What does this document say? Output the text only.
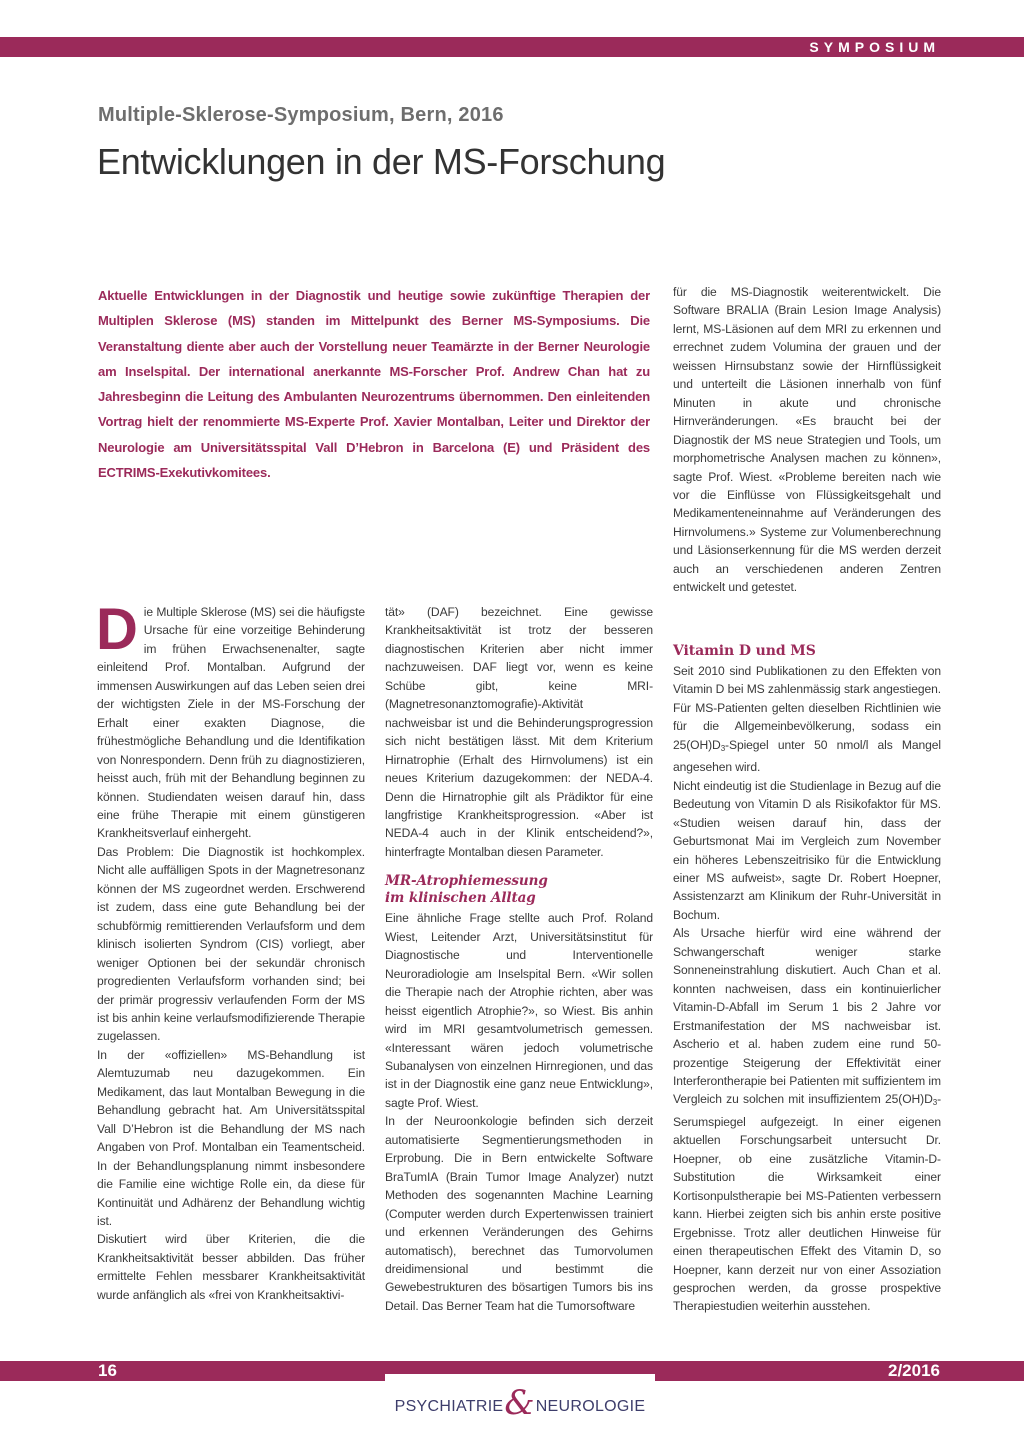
SYMPOSIUM
Multiple-Sklerose-Symposium, Bern, 2016
Entwicklungen in der MS-Forschung

Aktuelle Entwicklungen in der Diagnostik und heutige sowie zukünftige Therapien der Multiplen Sklerose (MS) standen im Mittelpunkt des Berner MS-Symposiums. Die Veranstaltung diente aber auch der Vorstellung neuer Teamärzte in der Berner Neurologie am Inselspital. Der international anerkannte MS-Forscher Prof. Andrew Chan hat zu Jahresbeginn die Leitung des Ambulanten Neurozentrums übernommen. Den einleitenden Vortrag hielt der renommierte MS-Experte Prof. Xavier Montalban, Leiter und Direktor der Neurologie am Universitätsspital Vall D’Hebron in Barcelona (E) und Präsident des ECTRIMS-Exekutivkomitees.

für die MS-Diagnostik weiterentwickelt. Die Software BRALIA (Brain Lesion Image Analysis) lernt, MS-Läsionen auf dem MRI zu erkennen und errechnet zudem Volumina der grauen und der weissen Hirnsubstanz sowie der Hirnflüssigkeit und unterteilt die Läsionen innerhalb von fünf Minuten in akute und chronische Hirnveränderungen. «Es braucht bei der Diagnostik der MS neue Strategien und Tools, um morphometrische Analysen machen zu können», sagte Prof. Wiest. «Probleme bereiten nach wie vor die Einflüsse von Flüssigkeitsgehalt und Medikamenteneinnahme auf Veränderungen des Hirnvolumens.» Systeme zur Volumenberechnung und Läsionserkennung für die MS werden derzeit auch an verschiedenen anderen Zentren entwickelt und getestet.

Die Multiple Sklerose (MS) sei die häufigste Ursache für eine vorzeitige Behinderung im frühen Erwachsenenalter, sagte einleitend Prof. Montalban. Aufgrund der immensen Auswirkungen auf das Leben seien drei der wichtigsten Ziele in der MS-Forschung der Erhalt einer exakten Diagnose, die frühestmögliche Behandlung und die Identifikation von Nonrespondern. Denn früh zu diagnostizieren, heisst auch, früh mit der Behandlung beginnen zu können. Studiendaten weisen darauf hin, dass eine frühe Therapie mit einem günstigeren Krankheitsverlauf einhergeht.

Das Problem: Die Diagnostik ist hochkomplex. Nicht alle auffälligen Spots in der Magnetresonanz können der MS zugeordnet werden. Erschwerend ist zudem, dass eine gute Behandlung bei der schubförmig remittierenden Verlaufsform und dem klinisch isolierten Syndrom (CIS) vorliegt, aber weniger Optionen bei der sekundär chronisch progredienten Verlaufsform vorhanden sind; bei der primär progressiv verlaufenden Form der MS ist bis anhin keine verlaufsmodifizierende Therapie zugelassen.

In der «offiziellen» MS-Behandlung ist Alemtuzumab neu dazugekommen. Ein Medikament, das laut Montalban Bewegung in die Behandlung gebracht hat. Am Universitätsspital Vall D’Hebron ist die Behandlung der MS nach Angaben von Prof. Montalban ein Teamentscheid. In der Behandlungsplanung nimmt insbesondere die Familie eine wichtige Rolle ein, da diese für Kontinuität und Adhärenz der Behandlung wichtig ist.

Diskutiert wird über Kriterien, die die Krankheitsaktivität besser abbilden. Das früher ermittelte Fehlen messbarer Krankheitsaktivität wurde anfänglich als «frei von Krankheitsaktivi-

tät» (DAF) bezeichnet. Eine gewisse Krankheitsaktivität ist trotz der besseren diagnostischen Kriterien aber nicht immer nachzuweisen. DAF liegt vor, wenn es keine Schübe gibt, keine MRI-(Magnetresonanztomografie)-Aktivität nachweisbar ist und die Behinderungsprogression sich nicht bestätigen lässt. Mit dem Kriterium Hirnatrophie (Erhalt des Hirnvolumens) ist ein neues Kriterium dazugekommen: der NEDA-4. Denn die Hirnatrophie gilt als Prädiktor für eine langfristige Krankheitsprogression. «Aber ist NEDA-4 auch in der Klinik entscheidend?», hinterfragte Montalban diesen Parameter.

MR-Atrophiemessung
im klinischen Alltag

Eine ähnliche Frage stellte auch Prof. Roland Wiest, Leitender Arzt, Universitätsinstitut für Diagnostische und Interventionelle Neuroradiologie am Inselspital Bern. «Wir sollen die Therapie nach der Atrophie richten, aber was heisst eigentlich Atrophie?», so Wiest. Bis anhin wird im MRI gesamtvolumetrisch gemessen. «Interessant wären jedoch volumetrische Subanalysen von einzelnen Hirnregionen, und das ist in der Diagnostik eine ganz neue Entwicklung», sagte Prof. Wiest.

In der Neuroonkologie befinden sich derzeit automatisierte Segmentierungsmethoden in Erprobung. Die in Bern entwickelte Software BraTumIA (Brain Tumor Image Analyzer) nutzt Methoden des sogenannten Machine Learning (Computer werden durch Expertenwissen trainiert und erkennen Veränderungen des Gehirns automatisch), berechnet das Tumorvolumen dreidimensional und bestimmt die Gewebestrukturen des bösartigen Tumors bis ins Detail. Das Berner Team hat die Tumorsoftware

Vitamin D und MS

Seit 2010 sind Publikationen zu den Effekten von Vitamin D bei MS zahlenmässig stark angestiegen. Für MS-Patienten gelten dieselben Richtlinien wie für die Allgemeinbevölkerung, sodass ein 25(OH)D3-Spiegel unter 50 nmol/l als Mangel angesehen wird.

Nicht eindeutig ist die Studienlage in Bezug auf die Bedeutung von Vitamin D als Risikofaktor für MS. «Studien weisen darauf hin, dass der Geburtsmonat Mai im Vergleich zum November ein höheres Lebenszeitrisiko für die Entwicklung einer MS aufweist», sagte Dr. Robert Hoepner, Assistenzarzt am Klinikum der Ruhr-Universität in Bochum.

Als Ursache hierfür wird eine während der Schwangerschaft weniger starke Sonneneinstrahlung diskutiert. Auch Chan et al. konnten nachweisen, dass ein kontinuierlicher Vitamin-D-Abfall im Serum 1 bis 2 Jahre vor Erstmanifestation der MS nachweisbar ist. Ascherio et al. haben zudem eine rund 50-prozentige Steigerung der Effektivität einer Interferontherapie bei Patienten mit suffizientem im Vergleich zu solchen mit insuffizientem 25(OH)D3-Serumspiegel aufgezeigt. In einer eigenen aktuellen Forschungsarbeit untersucht Dr. Hoepner, ob eine zusätzliche Vitamin-D-Substitution die Wirksamkeit einer Kortisonpulstherapie bei MS-Patienten verbessern kann. Hierbei zeigten sich bis anhin erste positive Ergebnisse. Trotz aller deutlichen Hinweise für einen therapeutischen Effekt des Vitamin D, so Hoepner, kann derzeit nur von einer Assoziation gesprochen werden, da grosse prospektive Therapiestudien weiterhin ausstehen.

16	2/2016
PSYCHIATRIE&NEUROLOGIE
